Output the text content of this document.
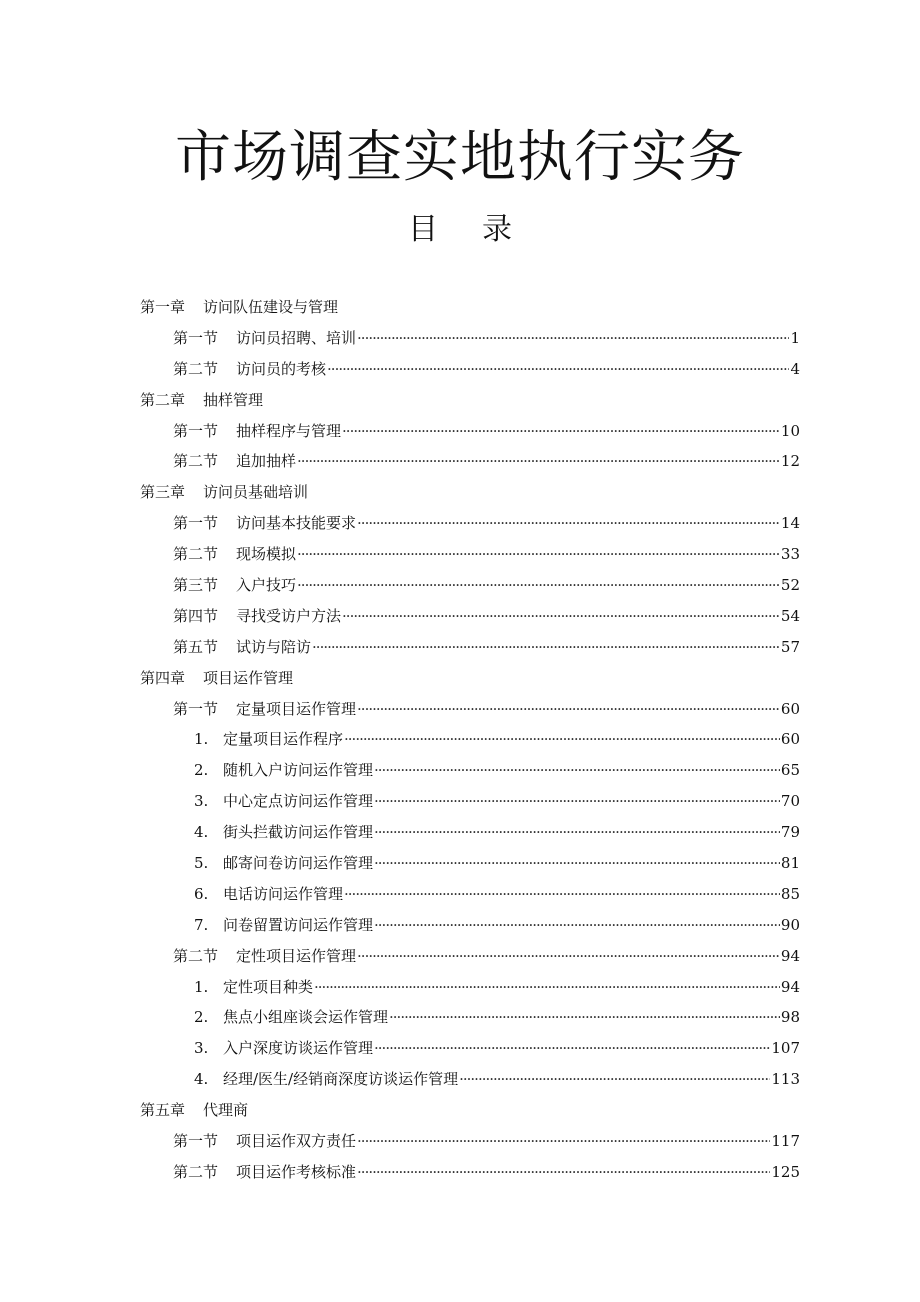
市场调查实地执行实务
目 录
第一章 访问队伍建设与管理
第一节 访问员招聘、培训 ·····	1
第二节 访问员的考核 ·····	4
第二章 抽样管理
第一节 抽样程序与管理 ·····	10
第二节 追加抽样 ·····	12
第三章 访问员基础培训
第一节 访问基本技能要求 ·····	14
第二节 现场模拟 ·····	33
第三节 入户技巧 ·····	52
第四节 寻找受访户方法 ·····	54
第五节 试访与陪访 ·····	57
第四章 项目运作管理
第一节 定量项目运作管理 ·····	60
1. 定量项目运作程序 ·····	60
2. 随机入户访问运作管理 ·····	65
3. 中心定点访问运作管理 ·····	70
4. 街头拦截访问运作管理 ·····	79
5. 邮寄问卷访问运作管理 ·····	81
6. 电话访问运作管理 ·····	85
7. 问卷留置访问运作管理 ·····	90
第二节 定性项目运作管理 ·····	94
1. 定性项目种类 ·····	94
2. 焦点小组座谈会运作管理 ·····	98
3. 入户深度访谈运作管理 ·····	107
4. 经理/医生/经销商深度访谈运作管理 ·····	113
第五章 代理商
第一节 项目运作双方责任 ·····	117
第二节 项目运作考核标准 ·····	125
